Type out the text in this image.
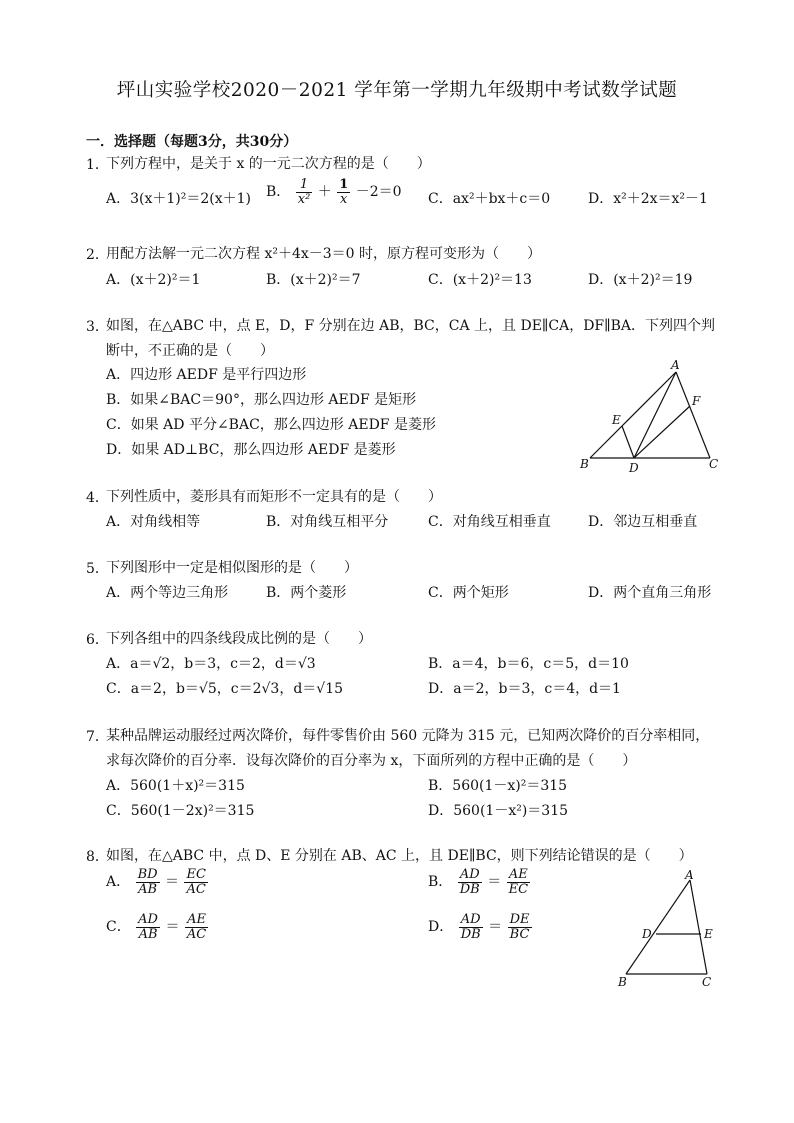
坪山实验学校2020－2021 学年第一学期九年级期中考试数学试题
一．选择题（每题3分，共30分）
1．
下列方程中，是关于 x 的一元二次方程的是（　　）
A．3(x＋1)²＝2(x＋1) B． $\frac{1}{\text{x²}} + \frac{1}{x} -2=0$ C．ax²＋bx＋c＝0	D．x²＋2x＝x²－1
2．
用配方法解一元二次方程 x²＋4x－3＝0 时，原方程可变形为（　　）
A．(x＋2)²＝1	B．(x＋2)²＝7	C．(x＋2)²＝13	D．(x＋2)²＝19
3．
如图，在△ABC 中，点 E，D，F 分别在边 AB，BC，CA 上，且 DE∥CA，DF∥BA．下列四个判
断中，不正确的是（　　）
A．四边形 AEDF 是平行四边形
B．如果∠BAC＝90°，那么四边形 AEDF 是矩形
C．如果 AD 平分∠BAC，那么四边形 AEDF 是菱形
D．如果 AD⊥BC，那么四边形 AEDF 是菱形
A
B	C
D
E
F
4．
下列性质中，菱形具有而矩形不一定具有的是（　　）
A．对角线相等	B．对角线互相平分	C．对角线互相垂直	D．邻边互相垂直
5．
下列图形中一定是相似图形的是（　　）
A．两个等边三角形	B．两个菱形	C．两个矩形	D．两个直角三角形
6．
下列各组中的四条线段成比例的是（　　）
A．a＝√2，b＝3，c＝2，d＝√3	B．a＝4，b＝6，c＝5，d＝10
C．a＝2，b＝√5，c＝2√3，d＝√15	D．a＝2，b＝3，c＝4，d＝1
7．
某种品牌运动服经过两次降价，每件零售价由 560 元降为 315 元，已知两次降价的百分率相同，
求每次降价的百分率．设每次降价的百分率为 x，下面所列的方程中正确的是（　　）
A．560(1＋x)²＝315	B．560(1－x)²＝315
C．560(1－2x)²＝315	D．560(1－x²)＝315
8．
如图，在△ABC 中，点 D、E 分别在 AB、AC 上，且 DE∥BC，则下列结论错误的是（　　）
A． $\frac{BD}{AB} = \frac{EC}{AC}$	B． $\frac{AD}{DB} = \frac{AE}{EC}$
C． $\frac{AD}{AB} = \frac{AE}{AC}$	D． $\frac{AD}{DB} = \frac{DE}{BC}$
A
B	C
D	E
